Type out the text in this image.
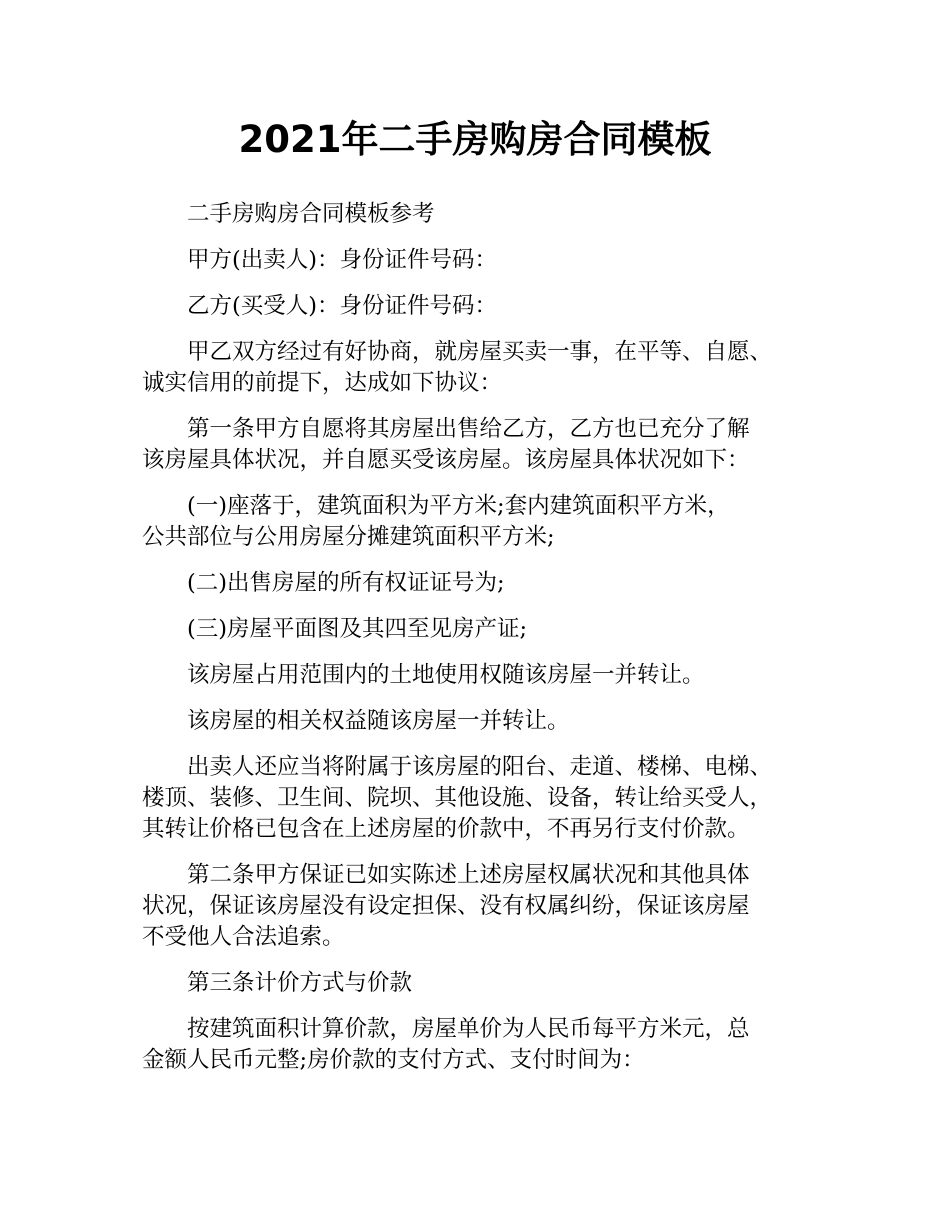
2021年二手房购房合同模板

二手房购房合同模板参考

甲方(出卖人)：身份证件号码：

乙方(买受人)：身份证件号码：

甲乙双方经过有好协商，就房屋买卖一事，在平等、自愿、
诚实信用的前提下，达成如下协议：

第一条甲方自愿将其房屋出售给乙方，乙方也已充分了解
该房屋具体状况，并自愿买受该房屋。该房屋具体状况如下：

(一)座落于，建筑面积为平方米;套内建筑面积平方米，
公共部位与公用房屋分摊建筑面积平方米;

(二)出售房屋的所有权证证号为;

(三)房屋平面图及其四至见房产证;

该房屋占用范围内的土地使用权随该房屋一并转让。

该房屋的相关权益随该房屋一并转让。

出卖人还应当将附属于该房屋的阳台、走道、楼梯、电梯、
楼顶、装修、卫生间、院坝、其他设施、设备，转让给买受人，
其转让价格已包含在上述房屋的价款中，不再另行支付价款。

第二条甲方保证已如实陈述上述房屋权属状况和其他具体
状况，保证该房屋没有设定担保、没有权属纠纷，保证该房屋
不受他人合法追索。

第三条计价方式与价款

按建筑面积计算价款，房屋单价为人民币每平方米元，总
金额人民币元整;房价款的支付方式、支付时间为：
